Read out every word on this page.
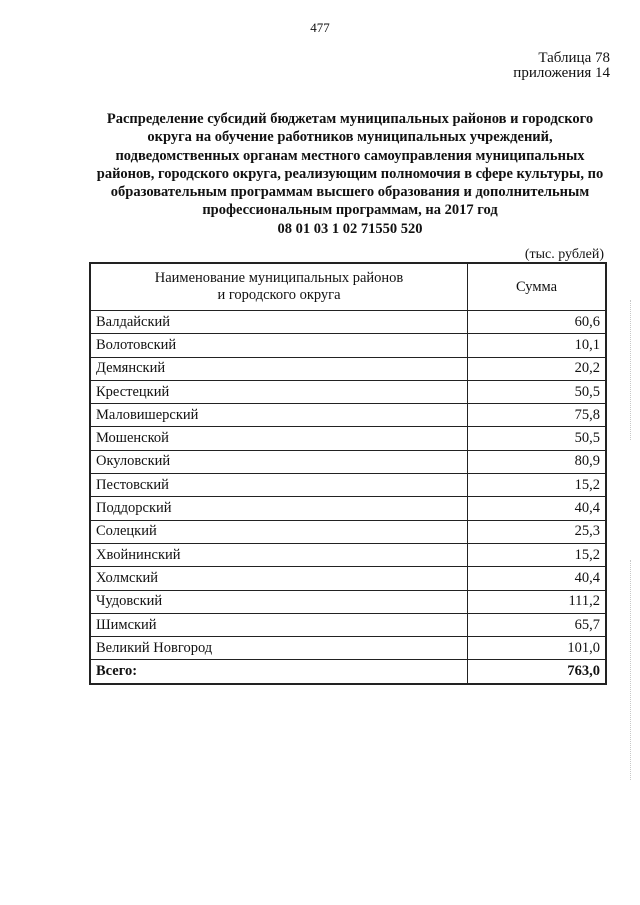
477
Таблица 78
приложения 14
Распределение субсидий бюджетам муниципальных районов и городского округа на обучение работников муниципальных учреждений, подведомственных органам местного самоуправления муниципальных районов, городского округа, реализующим полномочия в сфере культуры, по образовательным программам высшего образования и дополнительным профессиональным программам, на 2017 год
08 01 03 1 02 71550 520
(тыс. рублей)
Наименование муниципальных районов
и городского округа	Сумма
Валдайский	60,6
Волотовский	10,1
Демянский	20,2
Крестецкий	50,5
Маловишерский	75,8
Мошенской	50,5
Окуловский	80,9
Пестовский	15,2
Поддорский	40,4
Солецкий	25,3
Хвойнинский	15,2
Холмский	40,4
Чудовский	111,2
Шимский	65,7
Великий Новгород	101,0
Всего:	763,0
